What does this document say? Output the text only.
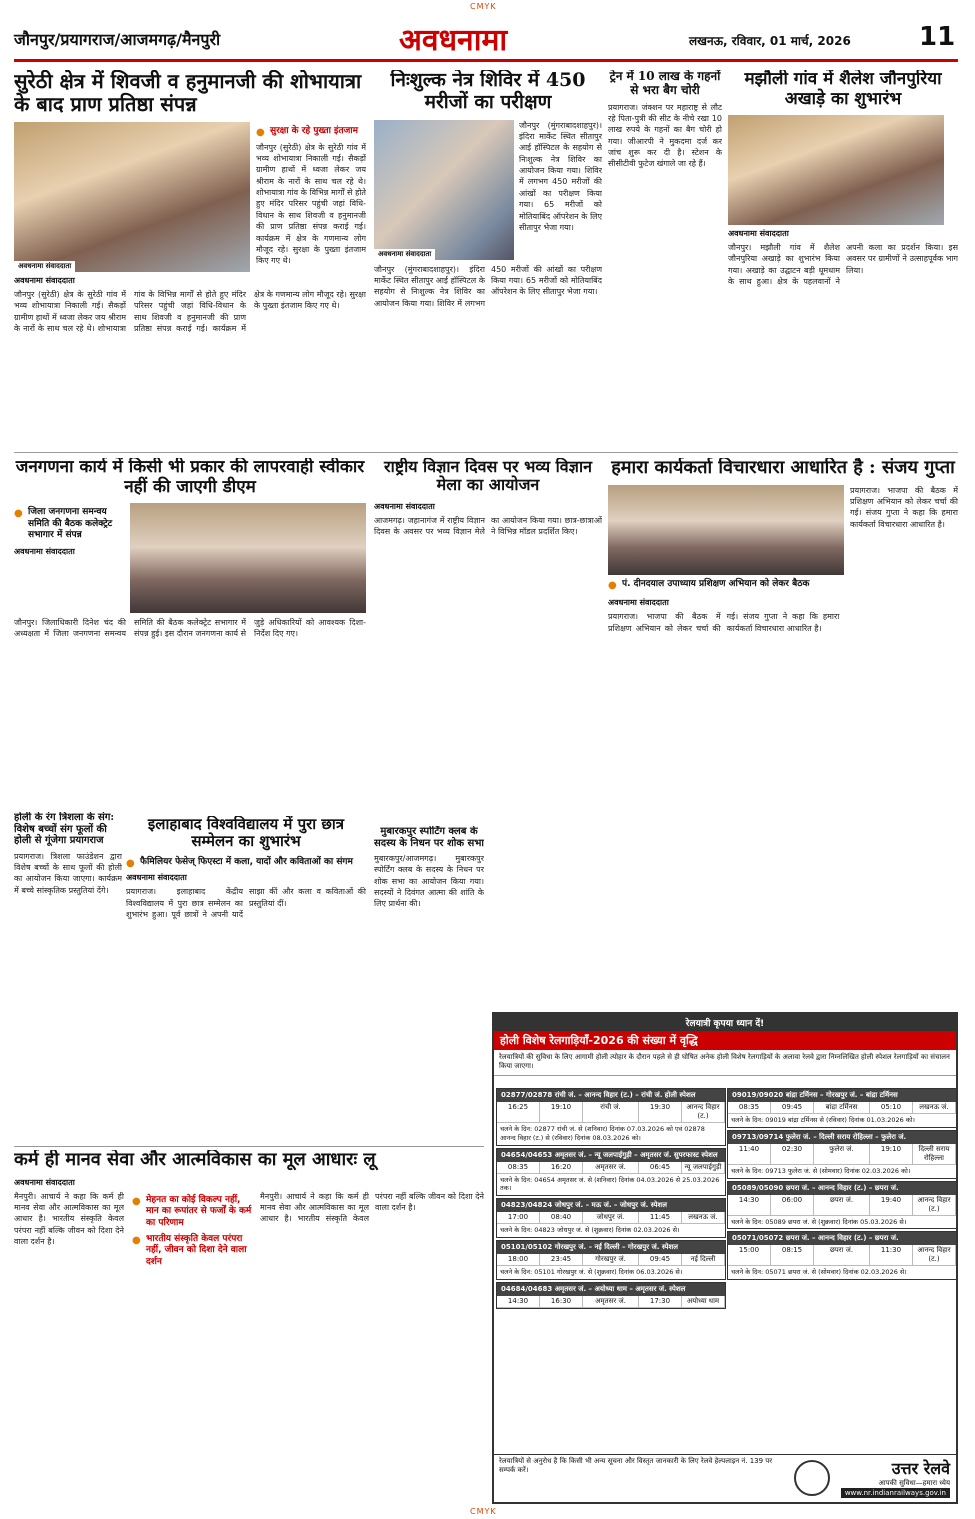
CMYK
जौनपुर/प्रयागराज/आजमगढ़/मैनपुरी	अवधनामा	लखनऊ, रविवार, 01 मार्च, 2026	11
सुरेठी क्षेत्र में शिवजी व हनुमानजी की शोभायात्रा के बाद प्राण प्रतिष्ठा संपन्न
अवधनामा संवाददाता
● सुरक्षा के रहे पुख्ता इंतजाम
जौनपुर (सुरेठी) क्षेत्र के सुरेठी गांव में भव्य शोभायात्रा निकाली गई। सैकड़ों ग्रामीण हाथों में ध्वजा लेकर जय श्रीराम के नारों के साथ चल रहे थे। शोभायात्रा गांव के विभिन्न मार्गों से होते हुए मंदिर परिसर पहुंची जहां विधि-विधान के साथ शिवजी व हनुमानजी की प्राण प्रतिष्ठा संपन्न कराई गई। कार्यक्रम में क्षेत्र के गणमान्य लोग मौजूद रहे। सुरक्षा के पुख्ता इंतजाम किए गए थे।
अवधनामा संवाददाता
जौनपुर (सुरेठी) क्षेत्र के सुरेठी गांव में भव्य शोभायात्रा निकाली गई। सैकड़ों ग्रामीण हाथों में ध्वजा लेकर जय श्रीराम के नारों के साथ चल रहे थे। शोभायात्रा गांव के विभिन्न मार्गों से होते हुए मंदिर परिसर पहुंची जहां विधि-विधान के साथ शिवजी व हनुमानजी की प्राण प्रतिष्ठा संपन्न कराई गई। कार्यक्रम में क्षेत्र के गणमान्य लोग मौजूद रहे। सुरक्षा के पुख्ता इंतजाम किए गए थे।
निःशुल्क नेत्र शिविर में 450 मरीजों का परीक्षण
अवधनामा संवाददाता
जौनपुर (मुंगराबादशाहपुर)। इंदिरा मार्केट स्थित सीतापुर आई हॉस्पिटल के सहयोग से निःशुल्क नेत्र शिविर का आयोजन किया गया। शिविर में लगभग 450 मरीजों की आंखों का परीक्षण किया गया। 65 मरीजों को मोतियाबिंद ऑपरेशन के लिए सीतापुर भेजा गया।
जौनपुर (मुंगराबादशाहपुर)। इंदिरा मार्केट स्थित सीतापुर आई हॉस्पिटल के सहयोग से निःशुल्क नेत्र शिविर का आयोजन किया गया। शिविर में लगभग 450 मरीजों की आंखों का परीक्षण किया गया। 65 मरीजों को मोतियाबिंद ऑपरेशन के लिए सीतापुर भेजा गया।
ट्रेन में 10 लाख के गहनों से भरा बैग चोरी
प्रयागराज। जंक्शन पर महाराष्ट्र से लौट रहे पिता-पुत्री की सीट के नीचे रखा 10 लाख रुपये के गहनों का बैग चोरी हो गया। जीआरपी ने मुकदमा दर्ज कर जांच शुरू कर दी है। स्टेशन के सीसीटीवी फुटेज खंगाले जा रहे हैं।
मझौली गांव में शैलेश जौनपुरिया अखाड़े का शुभारंभ
अवधनामा संवाददाता
जौनपुर। मझौली गांव में शैलेश जौनपुरिया अखाड़े का शुभारंभ किया गया। अखाड़े का उद्घाटन बड़ी धूमधाम के साथ हुआ। क्षेत्र के पहलवानों ने अपनी कला का प्रदर्शन किया। इस अवसर पर ग्रामीणों ने उत्साहपूर्वक भाग लिया।
जनगणना कार्य में किसी भी प्रकार की लापरवाही स्वीकार नहीं की जाएगी डीएम
● जिला जनगणना समन्वय समिति की बैठक कलेक्ट्रेट सभागार में संपन्न
अवधनामा संवाददाता
जौनपुर। जिलाधिकारी दिनेश चंद की अध्यक्षता में जिला जनगणना समन्वय समिति की बैठक कलेक्ट्रेट सभागार में संपन्न हुई। इस दौरान जनगणना कार्य से जुड़े अधिकारियों को आवश्यक दिशा-निर्देश दिए गए।
होली के रंग त्रिशला के संग: विशेष बच्चों संग फूलों की होली से गूंजेगा प्रयागराज
प्रयागराज। त्रिशला फाउंडेशन द्वारा विशेष बच्चों के साथ फूलों की होली का आयोजन किया जाएगा। कार्यक्रम में बच्चे सांस्कृतिक प्रस्तुतियां देंगे।
इलाहाबाद विश्वविद्यालय में पुरा छात्र सम्मेलन का शुभारंभ
● फैमिलियर फेसेज् फिएस्टा में कला, यादों और कविताओं का संगम
अवधनामा संवाददाता
प्रयागराज। इलाहाबाद केंद्रीय विश्वविद्यालय में पुरा छात्र सम्मेलन का शुभारंभ हुआ। पूर्व छात्रों ने अपनी यादें साझा कीं और कला व कविताओं की प्रस्तुतियां दीं।
राष्ट्रीय विज्ञान दिवस पर भव्य विज्ञान मेला का आयोजन
अवधनामा संवाददाता
आजमगढ़। जहानागंज में राष्ट्रीय विज्ञान दिवस के अवसर पर भव्य विज्ञान मेले का आयोजन किया गया। छात्र-छात्राओं ने विभिन्न मॉडल प्रदर्शित किए।
मुबारकपुर स्पोर्टिंग क्लब के सदस्य के निधन पर शोक सभा
मुबारकपुर/आजमगढ़। मुबारकपुर स्पोर्टिंग क्लब के सदस्य के निधन पर शोक सभा का आयोजन किया गया। सदस्यों ने दिवंगत आत्मा की शांति के लिए प्रार्थना की।
हमारा कार्यकर्ता विचारधारा आधारित है : संजय गुप्ता
● पं. दीनदयाल उपाध्याय प्रशिक्षण अभियान को लेकर बैठक
प्रयागराज। भाजपा की बैठक में प्रशिक्षण अभियान को लेकर चर्चा की गई। संजय गुप्ता ने कहा कि हमारा कार्यकर्ता विचारधारा आधारित है।
अवधनामा संवाददाता
प्रयागराज। भाजपा की बैठक में प्रशिक्षण अभियान को लेकर चर्चा की गई। संजय गुप्ता ने कहा कि हमारा कार्यकर्ता विचारधारा आधारित है।
कर्म ही मानव सेवा और आत्मविकास का मूल आधारः लू
अवधनामा संवाददाता
मैनपुरी। आचार्य ने कहा कि कर्म ही मानव सेवा और आत्मविकास का मूल आधार है। भारतीय संस्कृति केवल परंपरा नहीं बल्कि जीवन को दिशा देने वाला दर्शन है।
● मेहनत का कोई विकल्प नहीं, मान का रूपांतर से फर्जों के कर्म का परिणाम
● भारतीय संस्कृति केवल परंपरा नहीं, जीवन को दिशा देने वाला दर्शन
मैनपुरी। आचार्य ने कहा कि कर्म ही मानव सेवा और आत्मविकास का मूल आधार है। भारतीय संस्कृति केवल परंपरा नहीं बल्कि जीवन को दिशा देने वाला दर्शन है।
रेलयात्री कृपया ध्यान दें!
होली विशेष रेलगाड़ियाँ-2026 की संख्या में वृद्धि
रेलयात्रियों की सुविधा के लिए आगामी होली त्योहार के दौरान पहले से ही घोषित अनेक होली विशेष रेलगाड़ियों के अलावा रेलवे द्वारा निम्नलिखित होली स्पेशल रेलगाड़ियों का संचालन किया जाएगा।
02877/02878 रांची जं. – आनन्द विहार (ट.) – रांची जं. होली स्पेशल
16:25	19:10	रांची जं.	19:30	आनन्द विहार (ट.)
चलने के दिन: 02877 रांची जं. से (शनिवार) दिनांक 07.03.2026 को एवं 02878 आनन्द विहार (ट.) से (रविवार) दिनांक 08.03.2026 को।
04654/04653 अमृतसर जं. – न्यू जलपाईगुड़ी – अमृतसर जं. सुपरफास्ट स्पेशल
08:35	16:20	अमृतसर जं.	06:45	न्यू जलपाईगुड़ी
चलने के दिन: 04654 अमृतसर जं. से (शनिवार) दिनांक 04.03.2026 से 25.03.2026 तक।
04823/04824 जोधपुर जं. – मऊ जं. – जोधपुर जं. स्पेशल
17:00	08:40	जोधपुर जं.	11:45	लखनऊ जं.
चलने के दिन: 04823 जोधपुर जं. से (शुक्रवार) दिनांक 02.03.2026 से।
05101/05102 गोरखपुर जं. – नई दिल्ली – गोरखपुर जं. स्पेशल
18:00	23:45	गोरखपुर जं.	09:45	नई दिल्ली
चलने के दिन: 05101 गोरखपुर जं. से (शुक्रवार) दिनांक 06.03.2026 से।
04684/04683 अमृतसर जं. – अयोध्या धाम – अमृतसर जं. स्पेशल
14:30	16:30	अमृतसर जं.	17:30	अयोध्या धाम
09019/09020 बांद्रा टर्मिनस – गोरखपुर जं. – बांद्रा टर्मिनस
08:35	09:45	बांद्रा टर्मिनस	05:10	लखनऊ जं.
चलने के दिन: 09019 बांद्रा टर्मिनस से (रविवार) दिनांक 01.03.2026 को।
09713/09714 फुलेरा जं. – दिल्ली सराय रोहिल्ला – फुलेरा जं.
11:40	02:30	फुलेरा जं.	19:10	दिल्ली सराय रोहिल्ला
चलने के दिन: 09713 फुलेरा जं. से (सोमवार) दिनांक 02.03.2026 को।
05089/05090 छपरा जं. – आनन्द विहार (ट.) – छपरा जं.
14:30	06:00	छपरा जं.	19:40	आनन्द विहार (ट.)
चलने के दिन: 05089 छपरा जं. से (शुक्रवार) दिनांक 05.03.2026 से।
05071/05072 छपरा जं. – आनन्द विहार (ट.) – छपरा जं.
15:00	08:15	छपरा जं.	11:30	आनन्द विहार (ट.)
चलने के दिन: 05071 छपरा जं. से (सोमवार) दिनांक 02.03.2026 से।
रेलयात्रियों से अनुरोध है कि किसी भी अन्य सूचना और विस्तृत जानकारी के लिए रेलवे हेल्पलाइन नं. 139 पर सम्पर्क करें।	उत्तर रेलवे
आपकी सुविधा—हमारा ध्येय
www.nr.indianrailways.gov.in
CMYK
